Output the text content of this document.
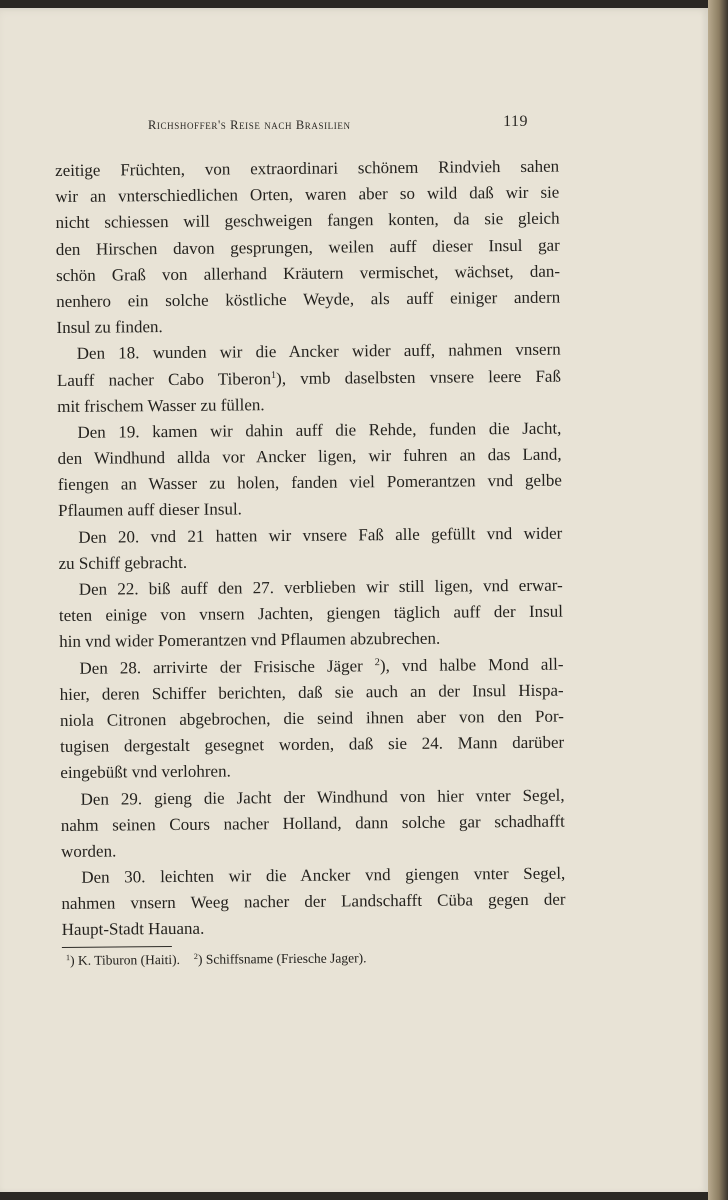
Richshoffer's Reise nach Brasilien	119
zeitige Früchten, von extraordinari schönem Rindvieh sahen
wir an vnterschiedlichen Orten, waren aber so wild daß wir sie
nicht schiessen will geschweigen fangen konten, da sie gleich
den Hirschen davon gesprungen, weilen auff dieser Insul gar
schön Graß von allerhand Kräutern vermischet, wächset, dan-
nenhero ein solche köstliche Weyde, als auff einiger andern
Insul zu finden.
Den 18. wunden wir die Ancker wider auff, nahmen vnsern
Lauff nacher Cabo Tiberon$^1$), vmb daselbsten vnsere leere Faß
mit frischem Wasser zu füllen.
Den 19. kamen wir dahin auff die Rehde, funden die Jacht,
den Windhund allda vor Ancker ligen, wir fuhren an das Land,
fiengen an Wasser zu holen, fanden viel Pomerantzen vnd gelbe
Pflaumen auff dieser Insul.
Den 20. vnd 21 hatten wir vnsere Faß alle gefüllt vnd wider
zu Schiff gebracht.
Den 22. biß auff den 27. verblieben wir still ligen, vnd erwar-
teten einige von vnsern Jachten, giengen täglich auff der Insul
hin vnd wider Pomerantzen vnd Pflaumen abzubrechen.
Den 28. arrivirte der Frisische Jäger $^2$), vnd halbe Mond all-
hier, deren Schiffer berichten, daß sie auch an der Insul Hispa-
niola Citronen abgebrochen, die seind ihnen aber von den Por-
tugisen dergestalt gesegnet worden, daß sie 24. Mann darüber
eingebüßt vnd verlohren.
Den 29. gieng die Jacht der Windhund von hier vnter Segel,
nahm seinen Cours nacher Holland, dann solche gar schadhafft
worden.
Den 30. leichten wir die Ancker vnd giengen vnter Segel,
nahmen vnsern Weeg nacher der Landschafft Cüba gegen der
Haupt-Stadt Hauana.
$^1$) K. Tiburon (Haiti). $^2$) Schiffsname (Friesche Jager).
